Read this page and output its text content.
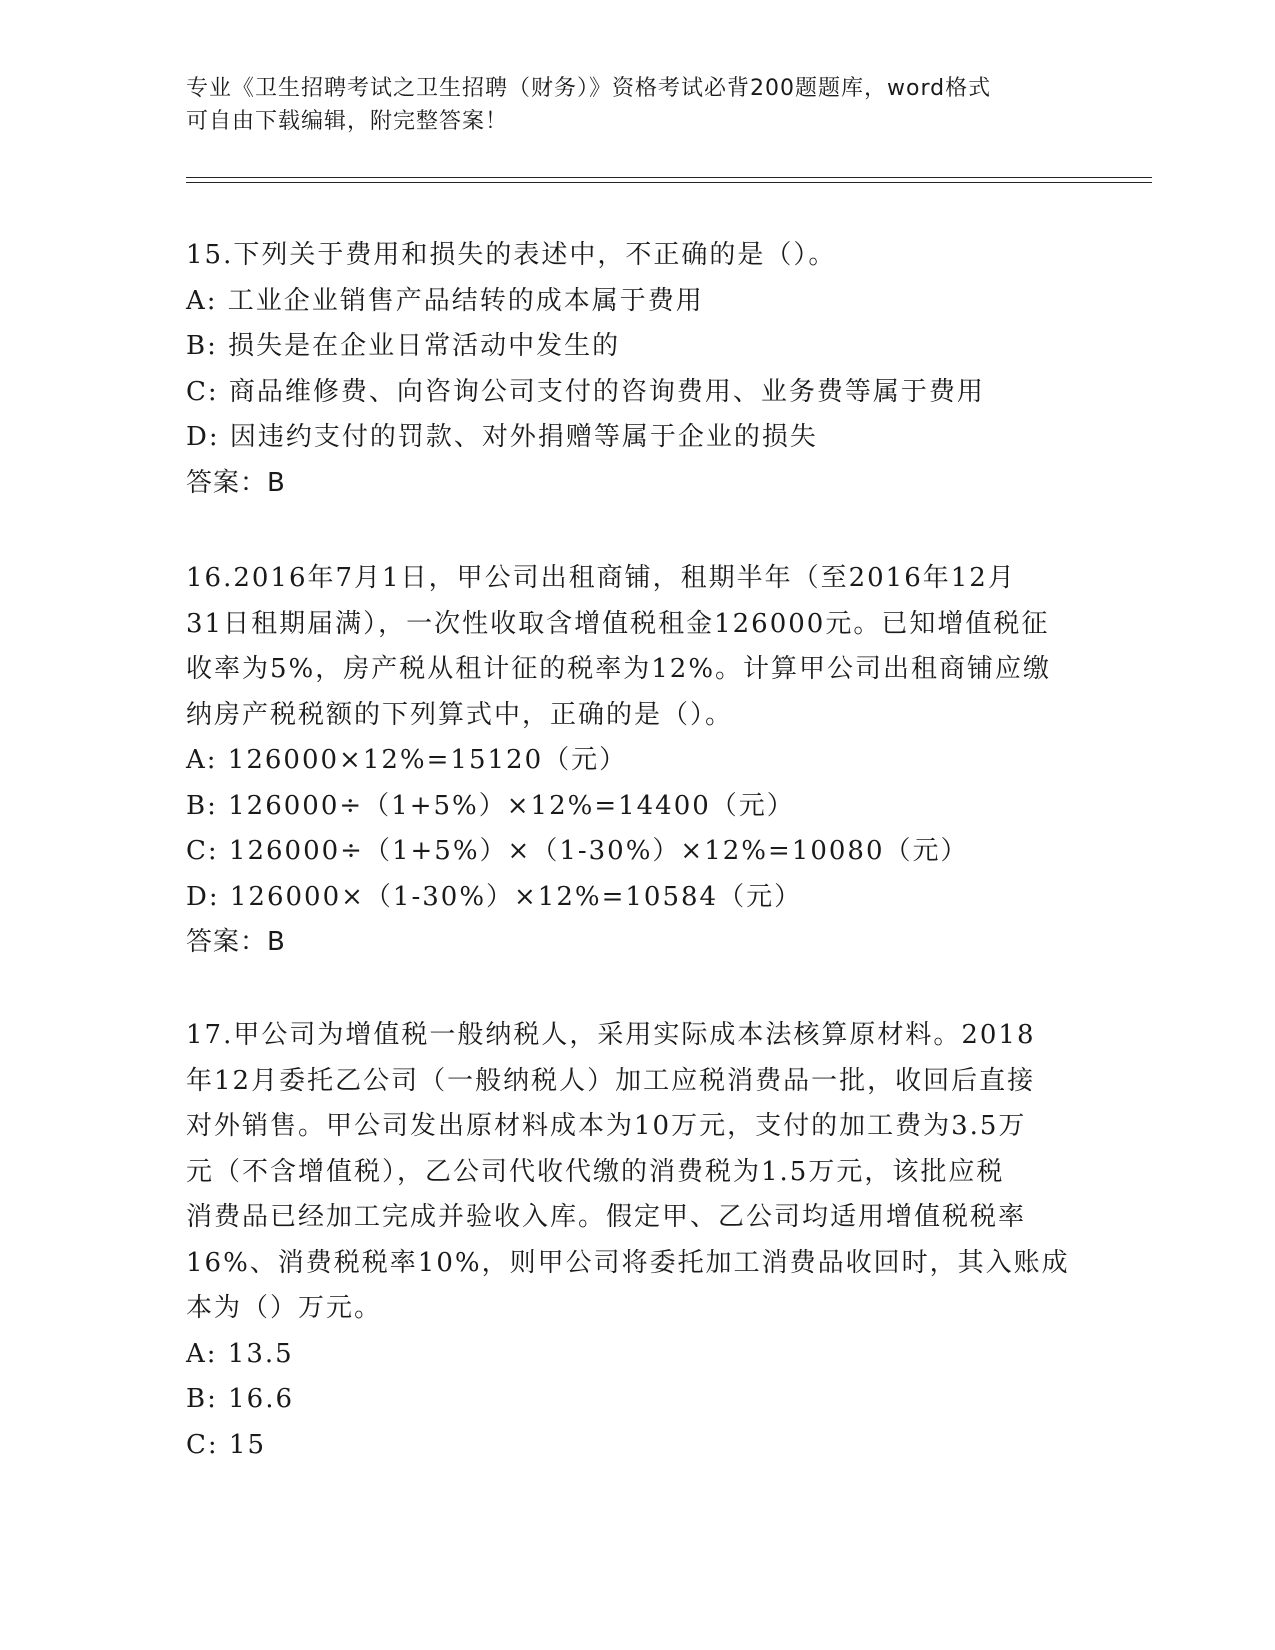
专业《卫生招聘考试之卫生招聘（财务）》资格考试必背200题题库，word格式
可自由下载编辑，附完整答案！

15.下列关于费用和损失的表述中，不正确的是（）。

A: 工业企业销售产品结转的成本属于费用

B: 损失是在企业日常活动中发生的

C: 商品维修费、向咨询公司支付的咨询费用、业务费等属于费用

D: 因违约支付的罚款、对外捐赠等属于企业的损失

答案：B

16.2016年7月1日，甲公司出租商铺，租期半年（至2016年12月

31日租期届满），一次性收取含增值税租金126000元。已知增值税征

收率为5%，房产税从租计征的税率为12%。计算甲公司出租商铺应缴

纳房产税税额的下列算式中，正确的是（）。

A: 126000×12%=15120（元）

B: 126000÷（1+5%）×12%=14400（元）

C: 126000÷（1+5%）×（1-30%）×12%=10080（元）

D: 126000×（1-30%）×12%=10584（元）

答案：B

17.甲公司为增值税一般纳税人，采用实际成本法核算原材料。2018

年12月委托乙公司（一般纳税人）加工应税消费品一批，收回后直接

对外销售。甲公司发出原材料成本为10万元，支付的加工费为3.5万

元（不含增值税），乙公司代收代缴的消费税为1.5万元，该批应税

消费品已经加工完成并验收入库。假定甲、乙公司均适用增值税税率

16%、消费税税率10%，则甲公司将委托加工消费品收回时，其入账成

本为（）万元。

A: 13.5

B: 16.6

C: 15
